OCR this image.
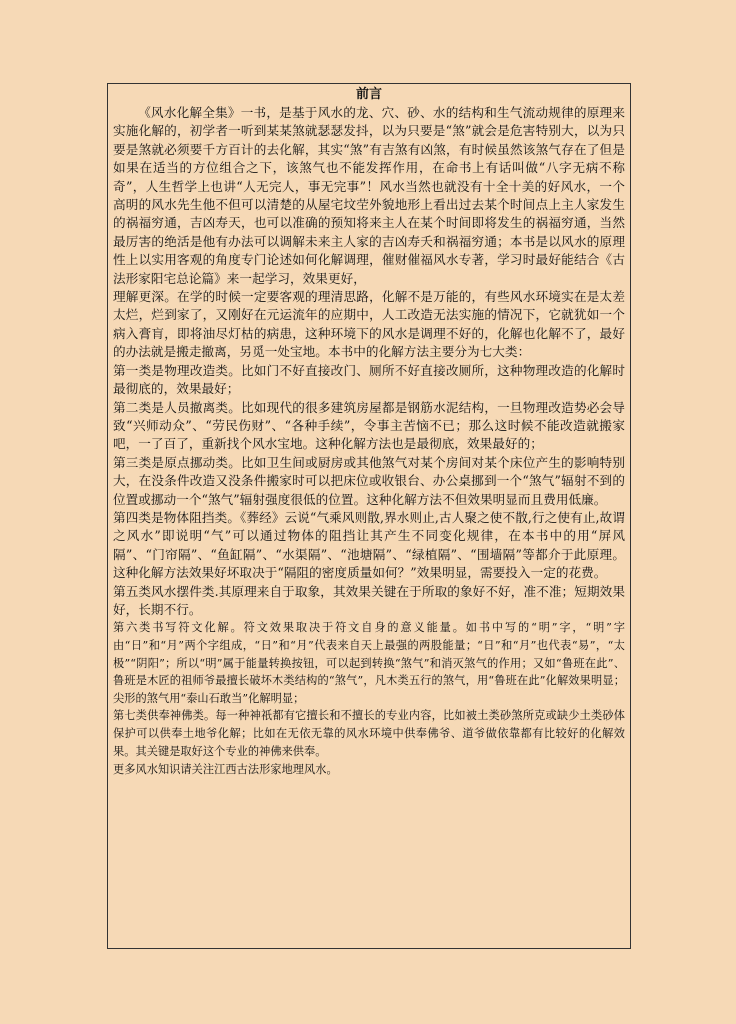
前言

《风水化解全集》一书，是基于风水的龙、穴、砂、水的结构和生气流动规律的原理来实施化解的，初学者一听到某某煞就瑟瑟发抖，以为只要是“煞”就会是危害特别大，以为只要是煞就必须要千方百计的去化解，其实“煞”有吉煞有凶煞，有时候虽然该煞气存在了但是如果在适当的方位组合之下，该煞气也不能发挥作用，在命书上有话叫做“八字无病不称奇”，人生哲学上也讲“人无完人，事无完事”！风水当然也就没有十全十美的好风水，一个高明的风水先生他不但可以清楚的从屋宅坟茔外貌地形上看出过去某个时间点上主人家发生的祸福穷通，吉凶寿天，也可以准确的预知将来主人在某个时间即将发生的祸福穷通，当然最厉害的绝活是他有办法可以调解未来主人家的吉凶寿夭和祸福穷通；本书是以风水的原理性上以实用客观的角度专门论述如何化解调理，催财催福风水专著，学习时最好能结合《古法形家阳宅总论篇》来一起学习，效果更好，

理解更深。在学的时候一定要客观的理清思路，化解不是万能的，有些风水环境实在是太差太烂，烂到家了，又刚好在元运流年的应期中，人工改造无法实施的情况下，它就犹如一个病入膏肓，即将油尽灯枯的病患，这种环境下的风水是调理不好的，化解也化解不了，最好的办法就是搬走撤离，另觅一处宝地。本书中的化解方法主要分为七大类：

第一类是物理改造类。比如门不好直接改门、厕所不好直接改厕所，这种物理改造的化解时最彻底的，效果最好；

第二类是人员撤离类。比如现代的很多建筑房屋都是钢筋水泥结构，一旦物理改造势必会导致“兴师动众”、“劳民伤财”、“各种手续”，令事主苦恼不已；那么这时候不能改造就搬家吧，一了百了，重新找个风水宝地。这种化解方法也是最彻底，效果最好的；

第三类是原点挪动类。比如卫生间或厨房或其他煞气对某个房间对某个床位产生的影响特别大，在没条件改造又没条件搬家时可以把床位或收银台、办公桌挪到一个“煞气”辐射不到的位置或挪动一个“煞气”辐射强度很低的位置。这种化解方法不但效果明显而且费用低廉。

第四类是物体阻挡类。《葬经》云说“气乘风则散,界水则止,古人聚之使不散,行之使有止,故谓之风水”即说明“气”可以通过物体的阻挡让其产生不同变化规律，在本书中的用“屏风隔”、“门帘隔”、“鱼缸隔”、“水渠隔”、“池塘隔”、“绿植隔”、“围墙隔”等都介于此原理。这种化解方法效果好坏取决于“隔阻的密度质量如何？”效果明显，需要投入一定的花费。

第五类风水摆件类.其原理来自于取象，其效果关键在于所取的象好不好，准不准；短期效果好，长期不行。

第六类书写符文化解。符文效果取决于符文自身的意义能量。如书中写的“明”字，“明”字由“日”和“月”两个字组成，“日”和“月”代表来自天上最强的两股能量；“日”和“月”也代表“易”，“太极”“阴阳”；所以“明”属于能量转换按钮，可以起到转换“煞气”和消灭煞气的作用；又如“鲁班在此”、鲁班是木匠的祖师爷最擅长破坏木类结构的“煞气”，凡木类五行的煞气，用“鲁班在此”化解效果明显；尖形的煞气用“泰山石敢当”化解明显；

第七类供奉神佛类。每一种神祇都有它擅长和不擅长的专业内容，比如被土类砂煞所克或缺少土类砂体保护可以供奉土地爷化解；比如在无依无靠的风水环境中供奉佛爷、道爷做依靠都有比较好的化解效果。其关键是取好这个专业的神佛来供奉。

更多风水知识请关注江西古法形家地理风水。
